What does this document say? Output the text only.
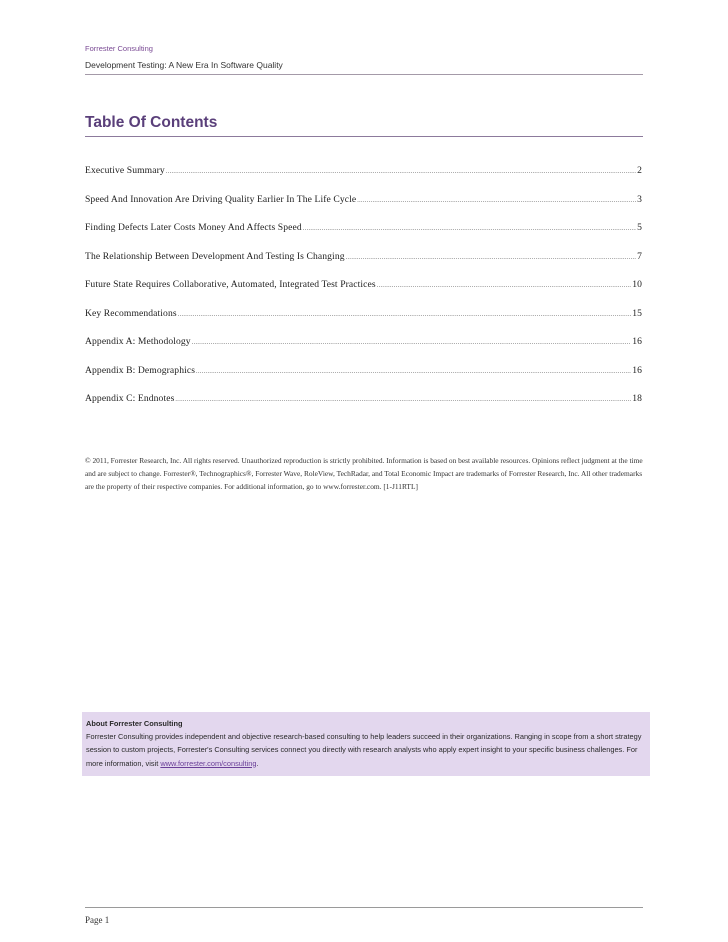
Forrester Consulting
Development Testing: A New Era In Software Quality
Table Of Contents
Executive Summary .....	2
Speed And Innovation Are Driving Quality Earlier In The Life Cycle .....	3
Finding Defects Later Costs Money And Affects Speed .....	5
The Relationship Between Development And Testing Is Changing .....	7
Future State Requires Collaborative, Automated, Integrated Test Practices .....	10
Key Recommendations .....	15
Appendix A: Methodology .....	16
Appendix B: Demographics .....	16
Appendix C: Endnotes .....	18
© 2011, Forrester Research, Inc. All rights reserved. Unauthorized reproduction is strictly prohibited. Information is based on best available resources. Opinions reflect judgment at the time and are subject to change. Forrester®, Technographics®, Forrester Wave, RoleView, TechRadar, and Total Economic Impact are trademarks of Forrester Research, Inc. All other trademarks are the property of their respective companies. For additional information, go to www.forrester.com. [1-J11RTL]
About Forrester Consulting
Forrester Consulting provides independent and objective research-based consulting to help leaders succeed in their organizations. Ranging in scope from a short strategy session to custom projects, Forrester's Consulting services connect you directly with research analysts who apply expert insight to your specific business challenges. For more information, visit www.forrester.com/consulting.
Page 1
